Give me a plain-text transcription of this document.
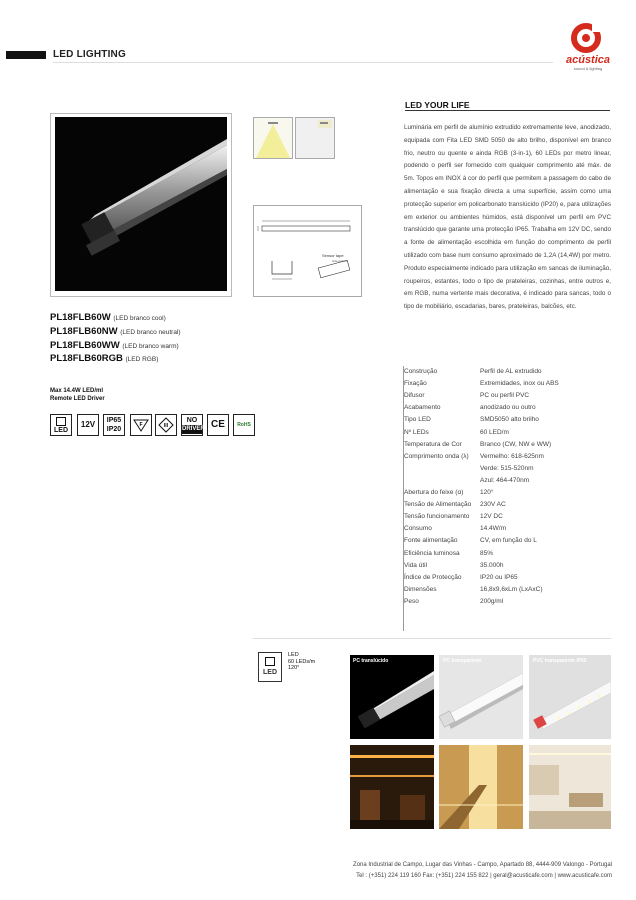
LED LIGHTING	acústica
sound & lighting
PL18FLB60W (LED branco cool)
PL18FLB60NW (LED branco neutral)
PL18FLB60WW (LED branco warm)
PL18FLB60RGB (LED RGB)
Max 14.4W LED/ml
Remote LED Driver
LED
12V	IP65
IP20
F	III
NO
DRIVER CE	RoHS
Sensor tape
hole pattern
LED YOUR LIFE
Luminária em perfil de alumínio extrudido extremamente leve, anodizado, equipada com Fita LED SMD 5050 de alto brilho, disponível em branco frio, neutro ou quente e ainda RGB (3-in-1), 60 LEDs por metro linear, podendo o perfil ser fornecido com qualquer comprimento até máx. de 5m. Topos em INOX à cor do perfil que permitem a passagem do cabo de alimentação e sua fixação directa a uma superfície, assim como uma protecção superior em policarbonato translúcido (IP20) e, para utilizações em exterior ou ambientes húmidos, está disponível um perfil em PVC translúcido que garante uma protecção IP65. Trabalha em 12V DC, sendo a fonte de alimentação escolhida em função do comprimento de perfil utilizado com base num consumo aproximado de 1,2A (14,4W) por metro. Produto especialmente indicado para utilização em sancas de iluminação, roupeiros, estantes, todo o tipo de prateleiras, cozinhas, entre outros e, em RGB, numa vertente mais decorativa, é indicado para sancas, todo o tipo de mobiliário, escadarias, bares, prateleiras, balcões, etc.
Construção	Perfil de AL extrudido
Fixação	Extremidades, inox ou ABS
Difusor	PC ou perfil PVC
Acabamento	anodizado ou outro
Tipo LED	SMD5050 alto brilho
Nº LEDs	60 LED/m
Temperatura de Cor	Branco (CW, NW e WW)
Comprimento onda (λ)	Vermelho: 618-625nm
Verde: 515-520nm
Azul: 464-470nm
Abertura do feixe (α)	120°
Tensão de Alimentação	230V AC
Tensão funcionamento	12V DC
Consumo	14.4W/m
Fonte alimentação	CV, em função do L
Eficiência luminosa	85%
Vida útil	35.000h
Índice de Protecção	IP20 ou IP65
Dimensões	16,8x9,6xLm (LxAxC)
Peso	200g/ml
LED
LED
60 LEDs/m
120°
PC transparente	PVC transparente IP65
PC translúcido
Zona Industrial de Campo, Lugar das Vinhas - Campo, Apartado 88, 4444-909 Valongo - Portugal
Tel : (+351) 224 119 160 Fax: (+351) 224 155 822 | geral@acusticafe.com | www.acusticafe.com
